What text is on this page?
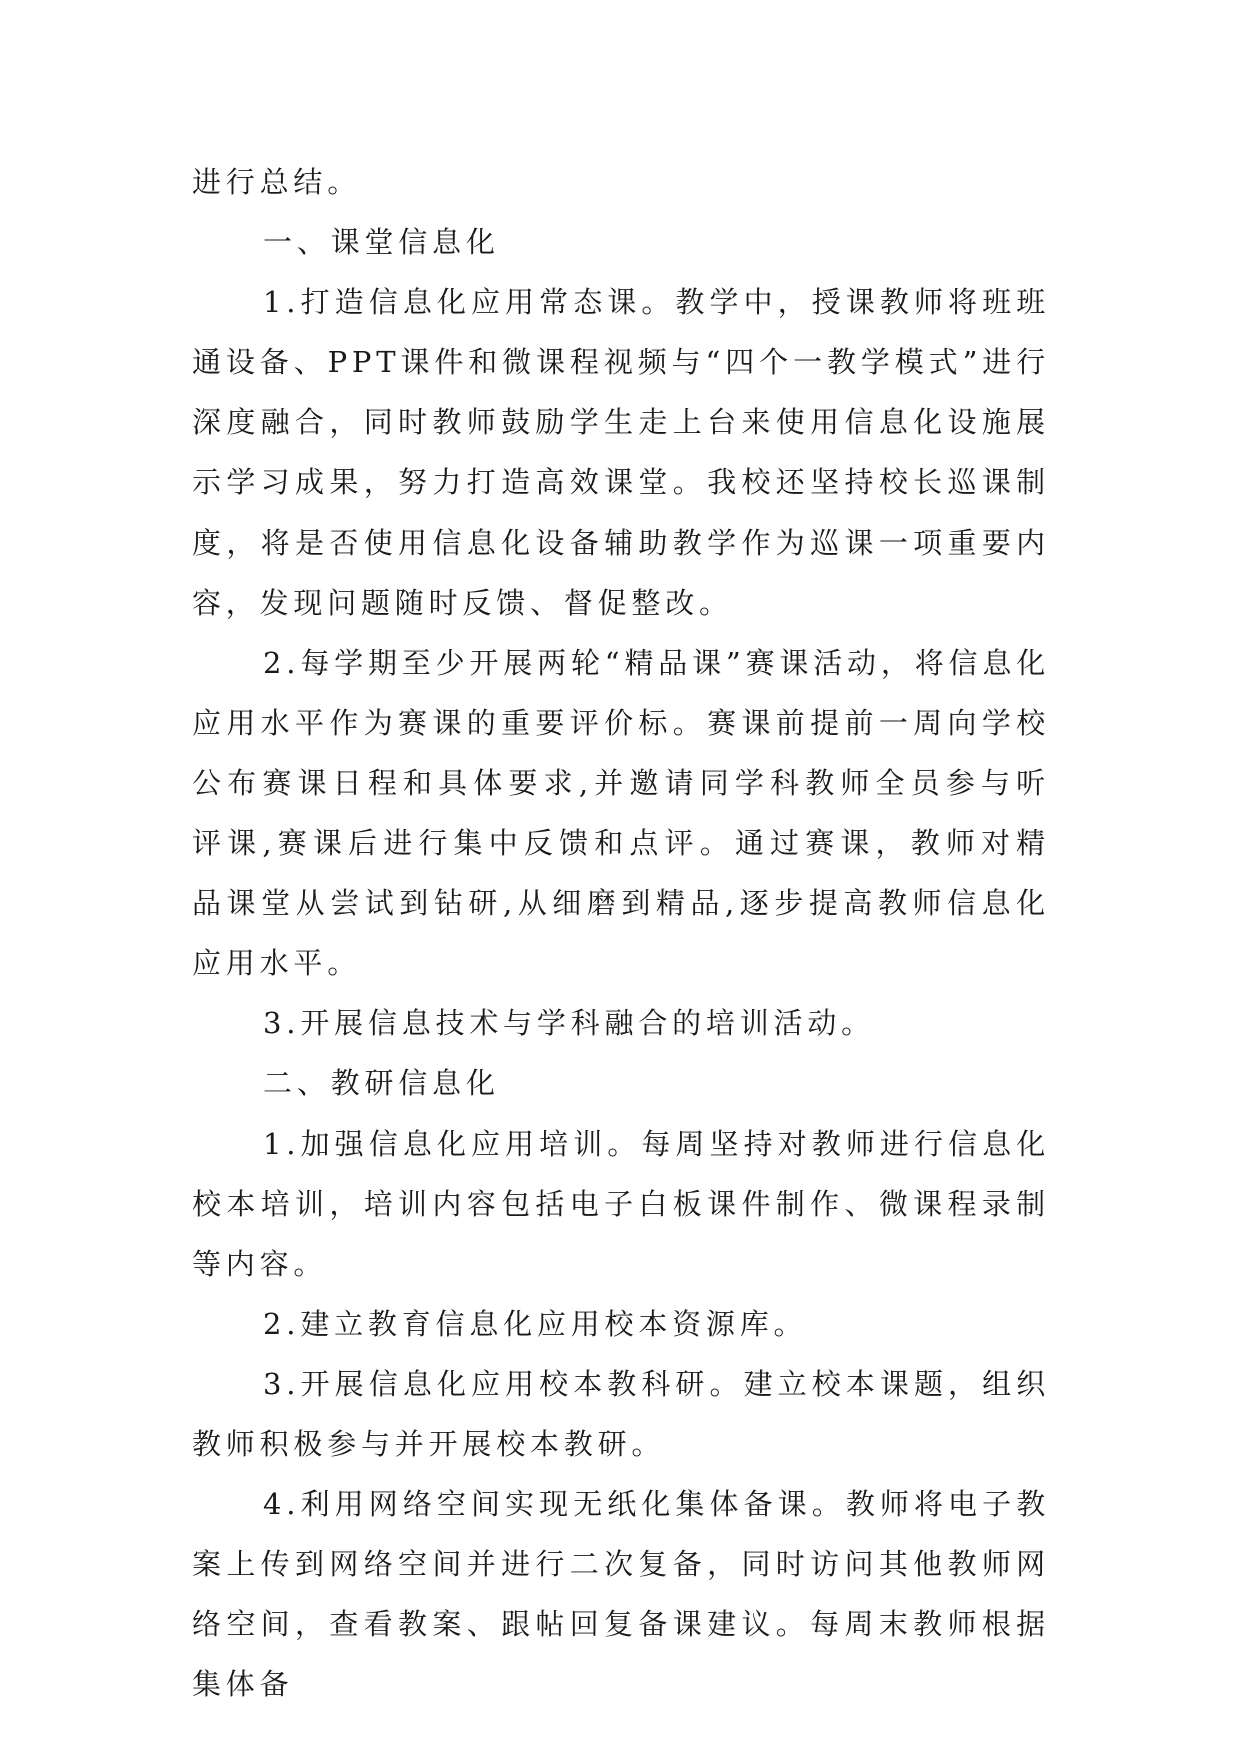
进行总结。

一、课堂信息化

1.打造信息化应用常态课。教学中，授课教师将班班通设备、PPT课件和微课程视频与“四个一教学模式”进行深度融合，同时教师鼓励学生走上台来使用信息化设施展示学习成果，努力打造高效课堂。我校还坚持校长巡课制度，将是否使用信息化设备辅助教学作为巡课一项重要内容，发现问题随时反馈、督促整改。

2.每学期至少开展两轮“精品课”赛课活动，将信息化应用水平作为赛课的重要评价标。赛课前提前一周向学校公布赛课日程和具体要求,并邀请同学科教师全员参与听评课,赛课后进行集中反馈和点评。通过赛课，教师对精品课堂从尝试到钻研,从细磨到精品,逐步提高教师信息化应用水平。

3.开展信息技术与学科融合的培训活动。

二、教研信息化

1.加强信息化应用培训。每周坚持对教师进行信息化校本培训，培训内容包括电子白板课件制作、微课程录制等内容。

2.建立教育信息化应用校本资源库。

3.开展信息化应用校本教科研。建立校本课题，组织教师积极参与并开展校本教研。

4.利用网络空间实现无纸化集体备课。教师将电子教案上传到网络空间并进行二次复备，同时访问其他教师网络空间，查看教案、跟帖回复备课建议。每周末教师根据集体备
